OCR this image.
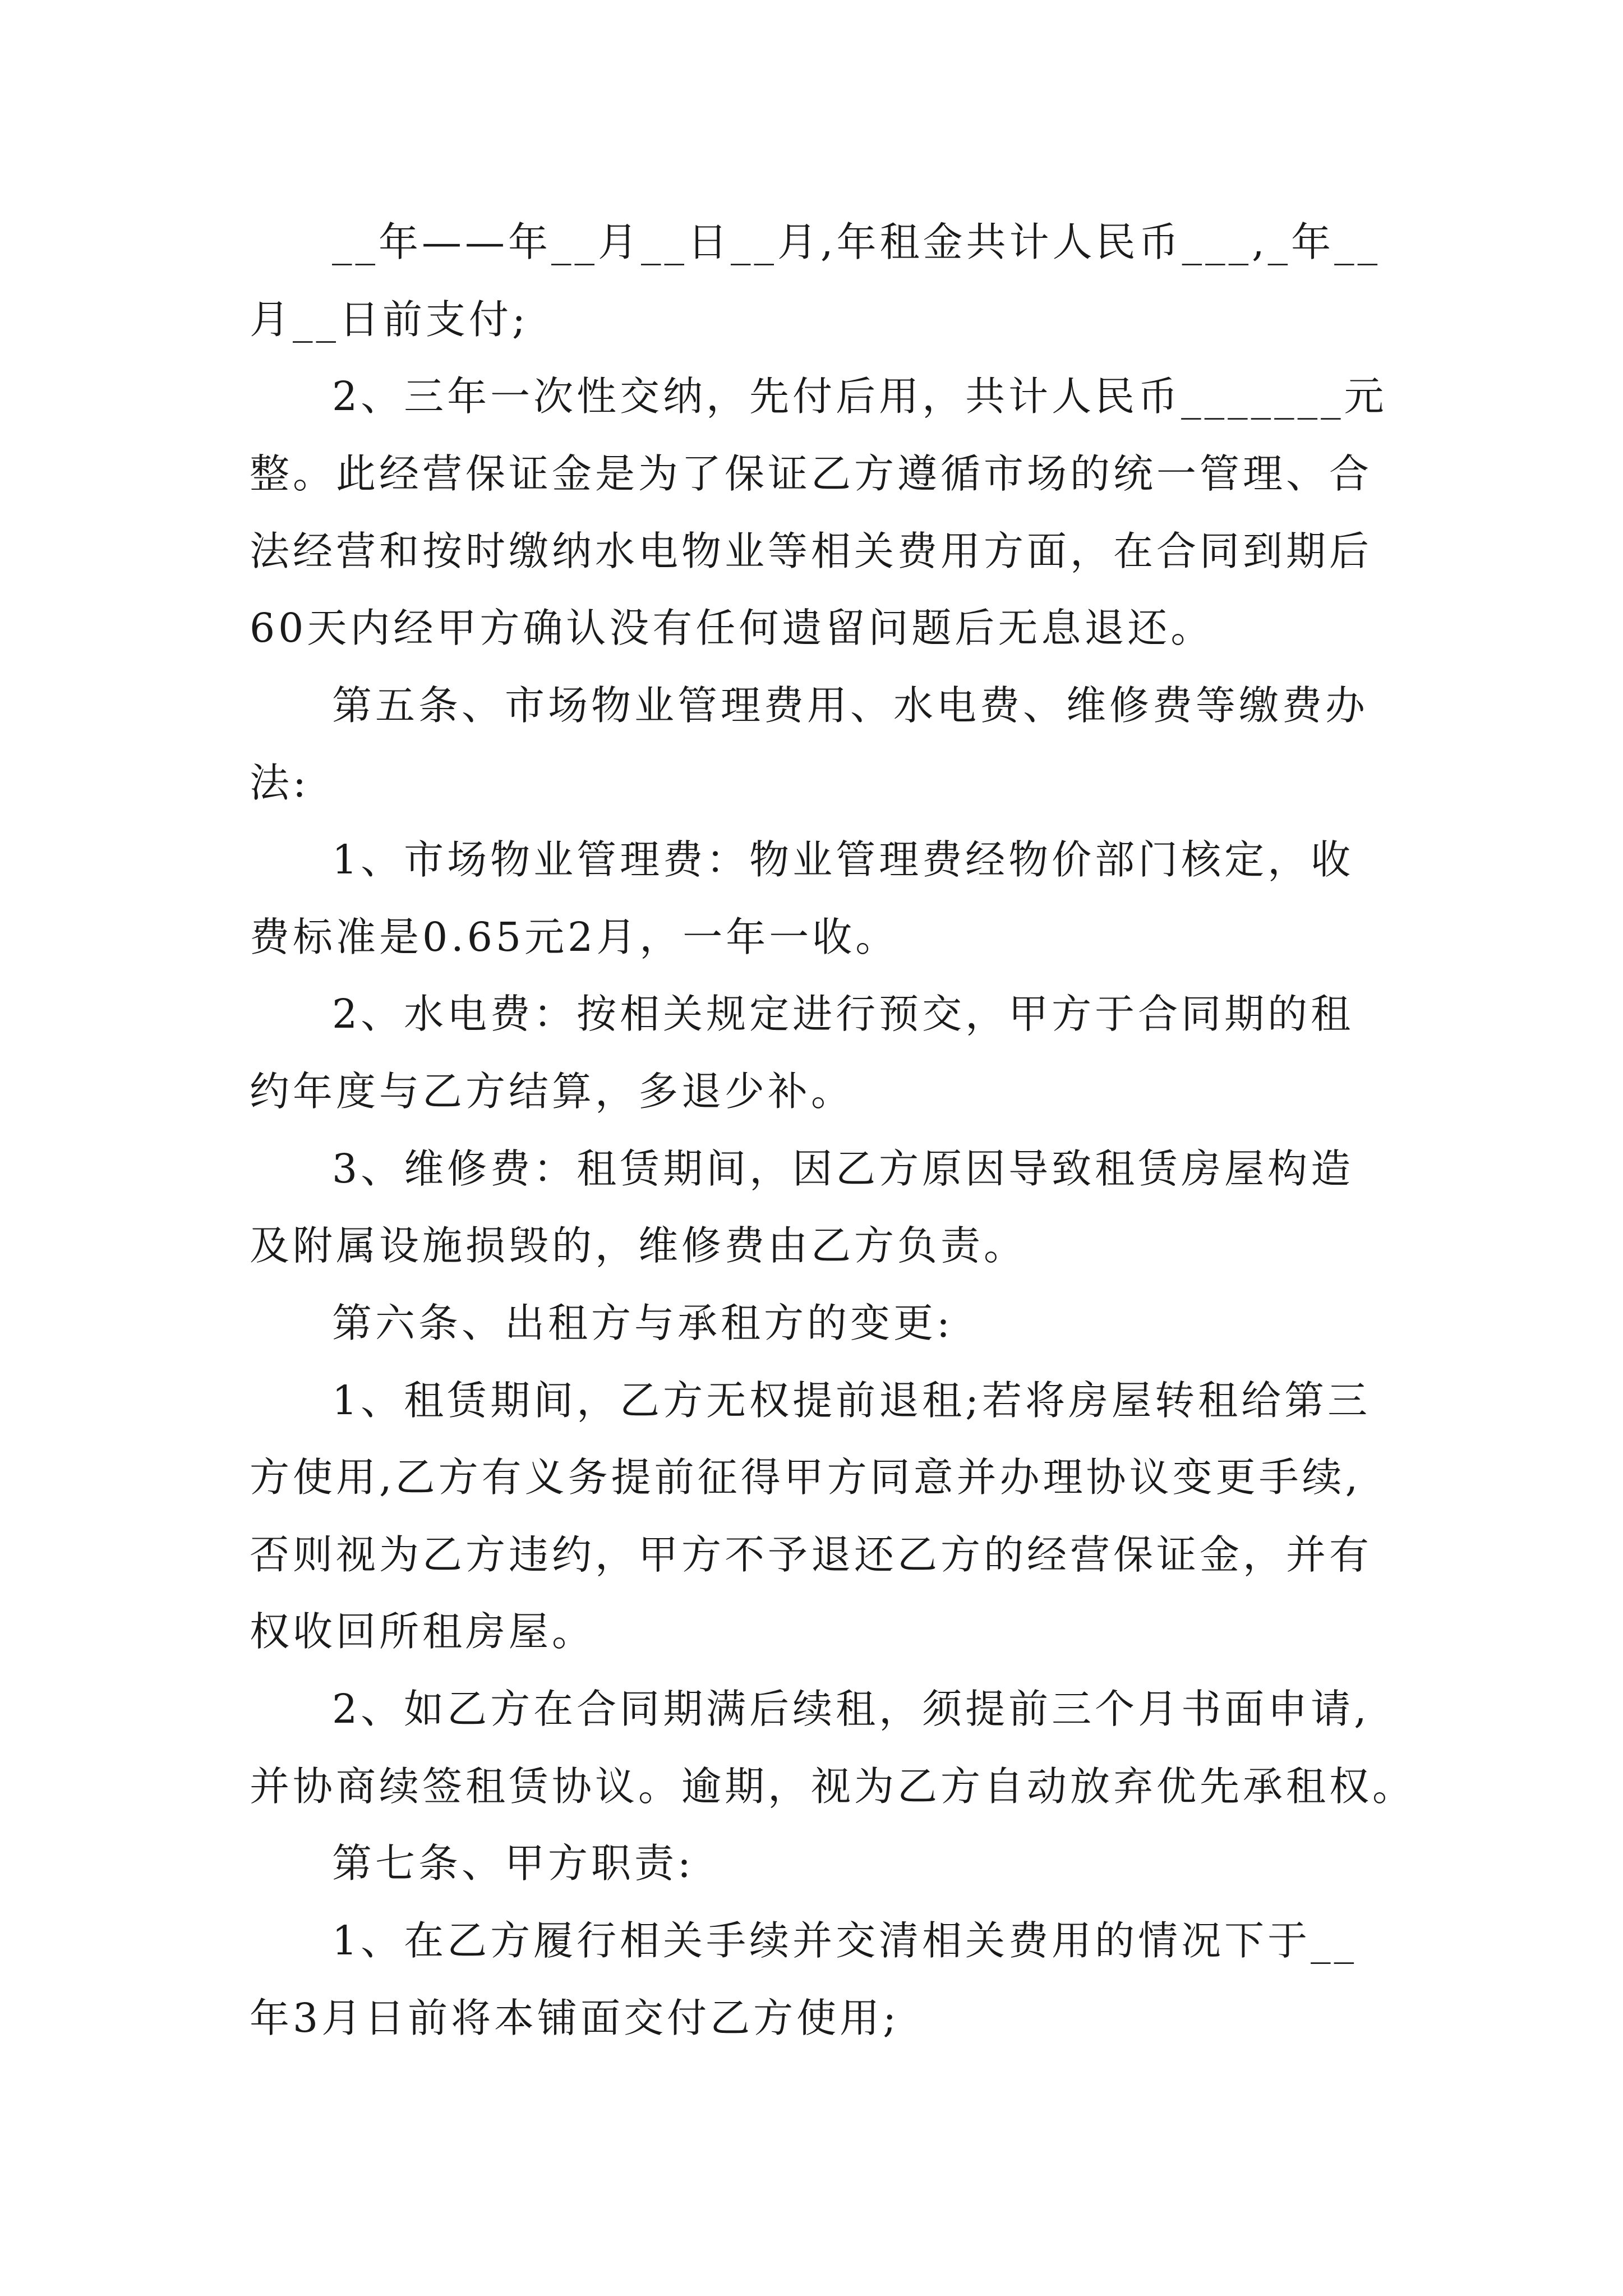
__年——年__月__日__月,年租金共计人民币___,_年__
月__日前支付;
2、三年一次性交纳，先付后用，共计人民币_______元
整。此经营保证金是为了保证乙方遵循市场的统一管理、合
法经营和按时缴纳水电物业等相关费用方面，在合同到期后
60天内经甲方确认没有任何遗留问题后无息退还。
第五条、市场物业管理费用、水电费、维修费等缴费办
法:
1、市场物业管理费：物业管理费经物价部门核定，收
费标准是0.65元2月，一年一收。
2、水电费：按相关规定进行预交，甲方于合同期的租
约年度与乙方结算，多退少补。
3、维修费：租赁期间，因乙方原因导致租赁房屋构造
及附属设施损毁的，维修费由乙方负责。
第六条、出租方与承租方的变更:
1、租赁期间，乙方无权提前退租;若将房屋转租给第三
方使用,乙方有义务提前征得甲方同意并办理协议变更手续,
否则视为乙方违约，甲方不予退还乙方的经营保证金，并有
权收回所租房屋。
2、如乙方在合同期满后续租，须提前三个月书面申请,
并协商续签租赁协议。逾期，视为乙方自动放弃优先承租权。
第七条、甲方职责:
1、在乙方履行相关手续并交清相关费用的情况下于__
年3月日前将本铺面交付乙方使用;
